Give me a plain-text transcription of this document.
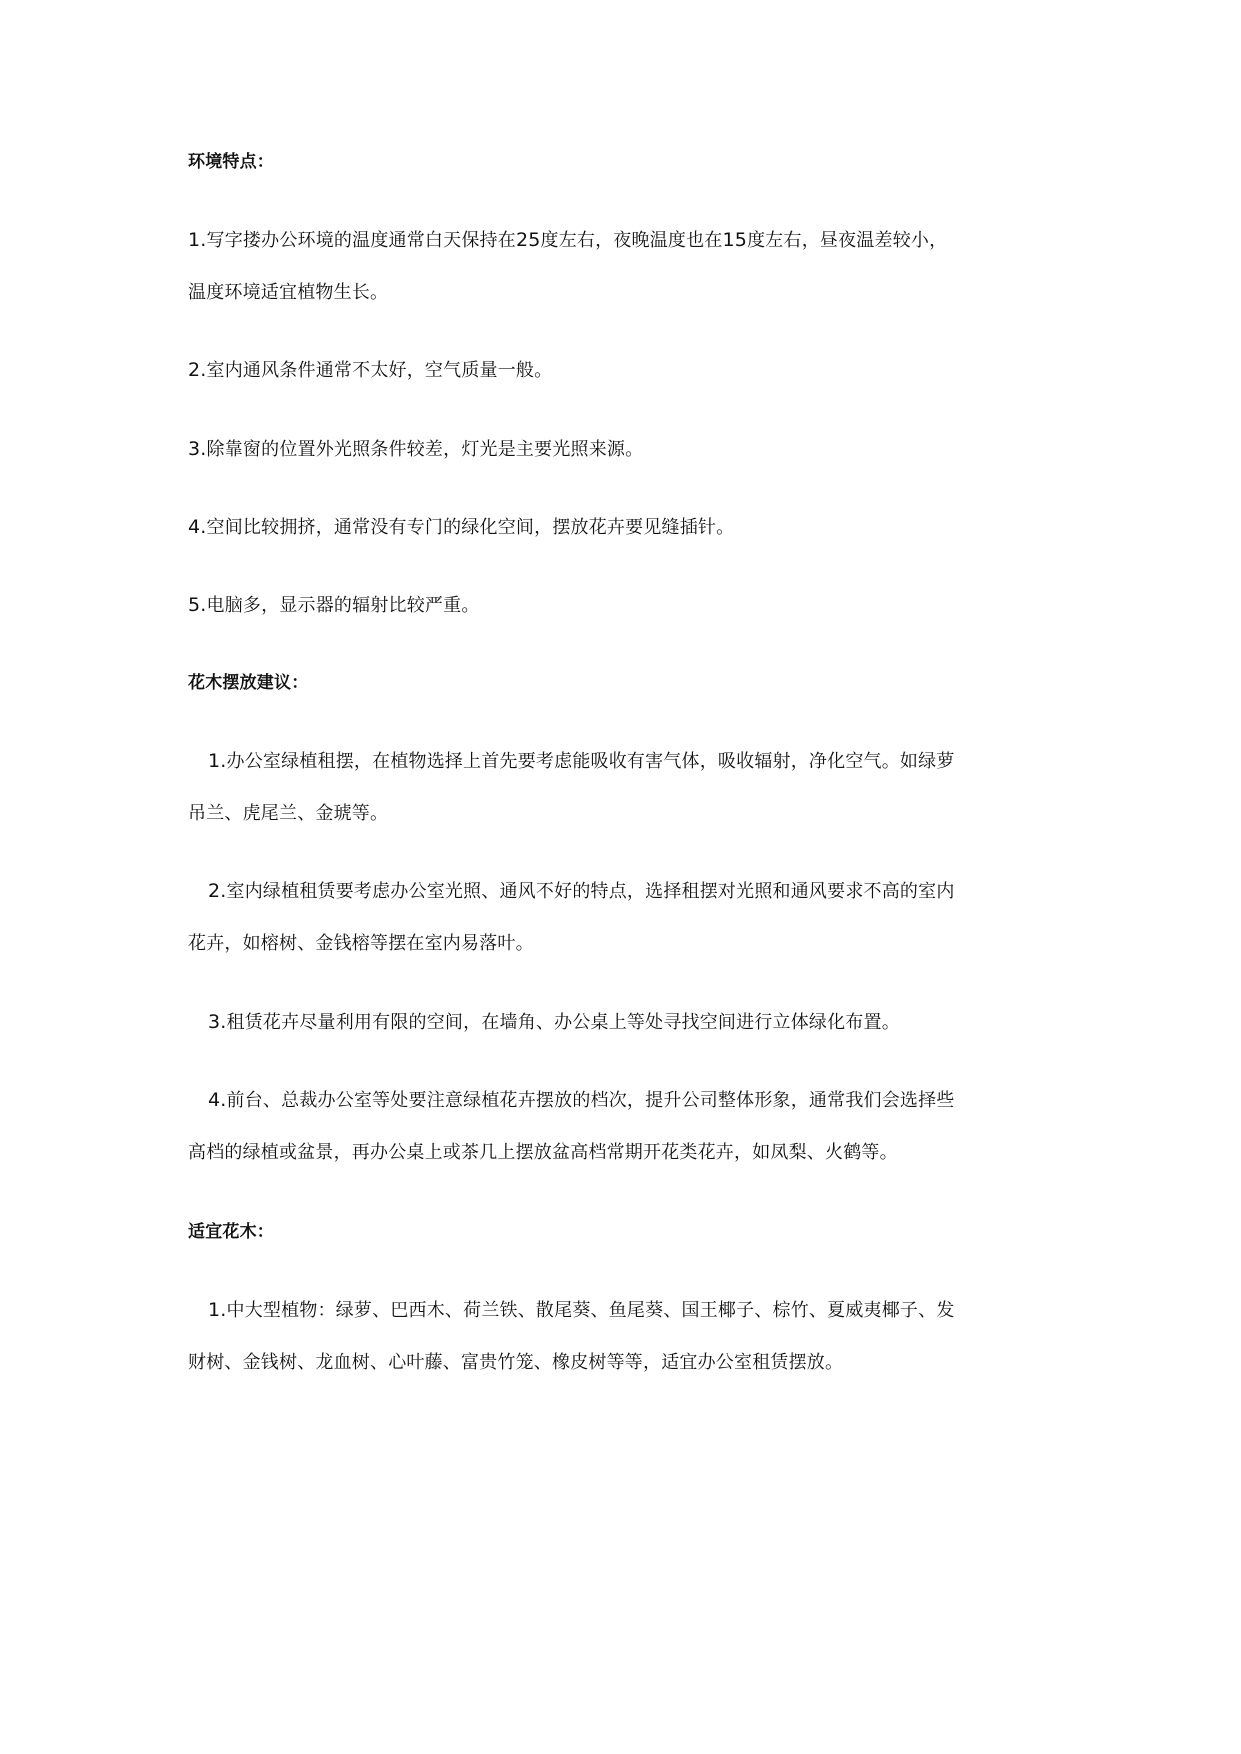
环境特点：
1.写字搂办公环境的温度通常白天保持在25度左右，夜晚温度也在15度左右，昼夜温差较小，
温度环境适宜植物生长。
2.室内通风条件通常不太好，空气质量一般。
3.除靠窗的位置外光照条件较差，灯光是主要光照来源。
4.空间比较拥挤，通常没有专门的绿化空间，摆放花卉要见缝插针。
5.电脑多，显示器的辐射比较严重。
花木摆放建议：
1.办公室绿植租摆，在植物选择上首先要考虑能吸收有害气体，吸收辐射，净化空气。如绿萝
吊兰、虎尾兰、金琥等。
2.室内绿植租赁要考虑办公室光照、通风不好的特点，选择租摆对光照和通风要求不高的室内
花卉，如榕树、金钱榕等摆在室内易落叶。
3.租赁花卉尽量利用有限的空间，在墙角、办公桌上等处寻找空间进行立体绿化布置。
4.前台、总裁办公室等处要注意绿植花卉摆放的档次，提升公司整体形象，通常我们会选择些
高档的绿植或盆景，再办公桌上或茶几上摆放盆高档常期开花类花卉，如凤梨、火鹤等。
适宜花木：
1.中大型植物：绿萝、巴西木、荷兰铁、散尾葵、鱼尾葵、国王椰子、棕竹、夏威夷椰子、发
财树、金钱树、龙血树、心叶藤、富贵竹笼、橡皮树等等，适宜办公室租赁摆放。
